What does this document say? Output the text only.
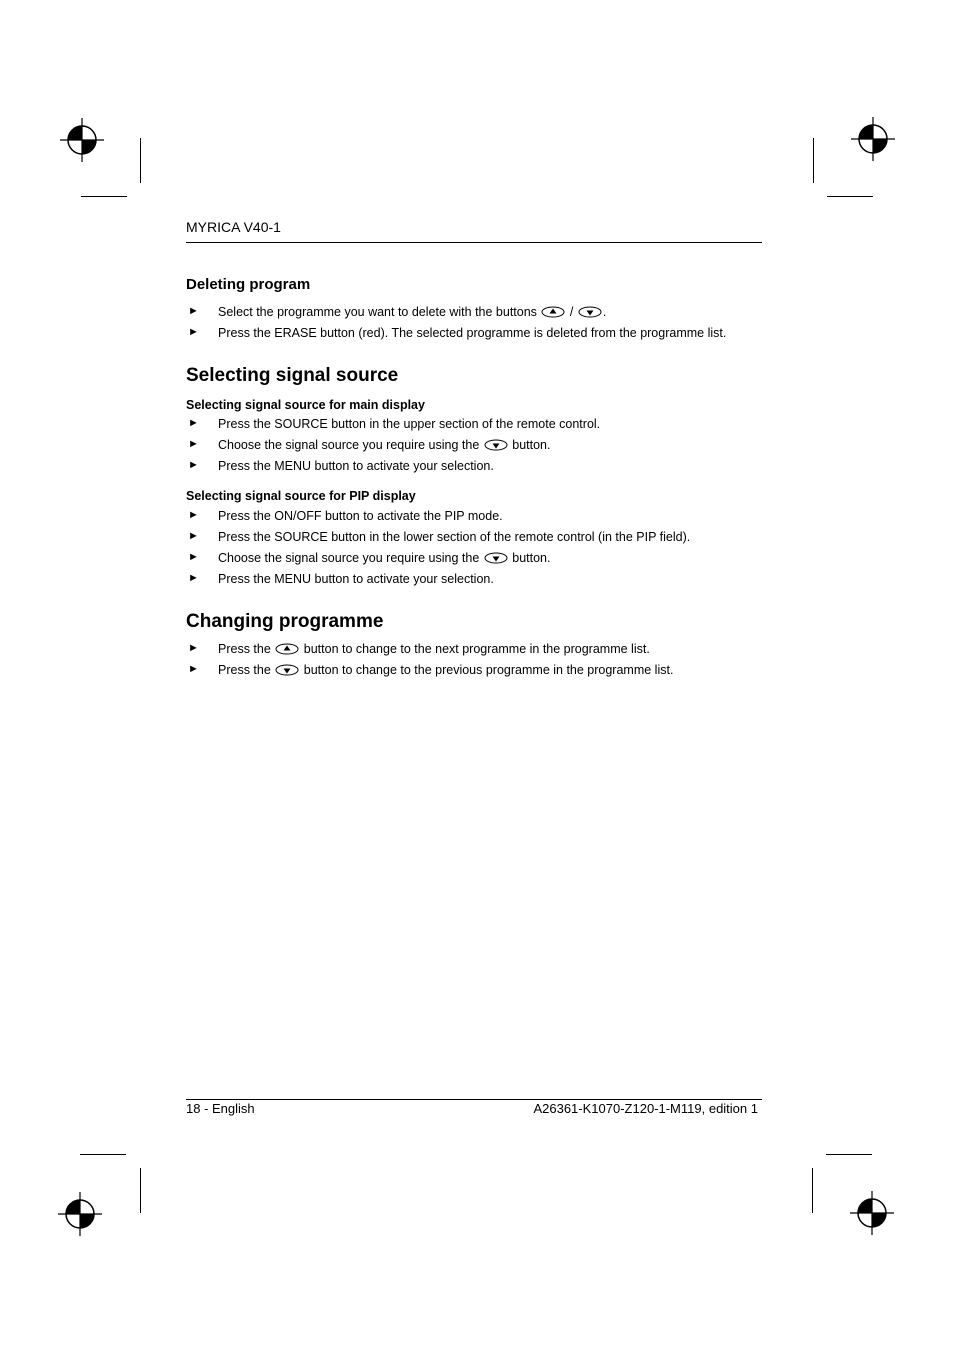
MYRICA V40-1
Deleting program
► Select the programme you want to delete with the buttons	/ .
► Press the ERASE button (red). The selected programme is deleted from the programme list.
Selecting signal source
Selecting signal source for main display
► Press the SOURCE button in the upper section of the remote control.
► Choose the signal source you require using the	button.
► Press the MENU button to activate your selection.
Selecting signal source for PIP display
► Press the ON/OFF button to activate the PIP mode.
► Press the SOURCE button in the lower section of the remote control (in the PIP field).
► Choose the signal source you require using the	button.
► Press the MENU button to activate your selection.
Changing programme
► Press the	button to change to the next programme in the programme list.
► Press the	button to change to the previous programme in the programme list.
18 - English	A26361-K1070-Z120-1-M119, edition 1
